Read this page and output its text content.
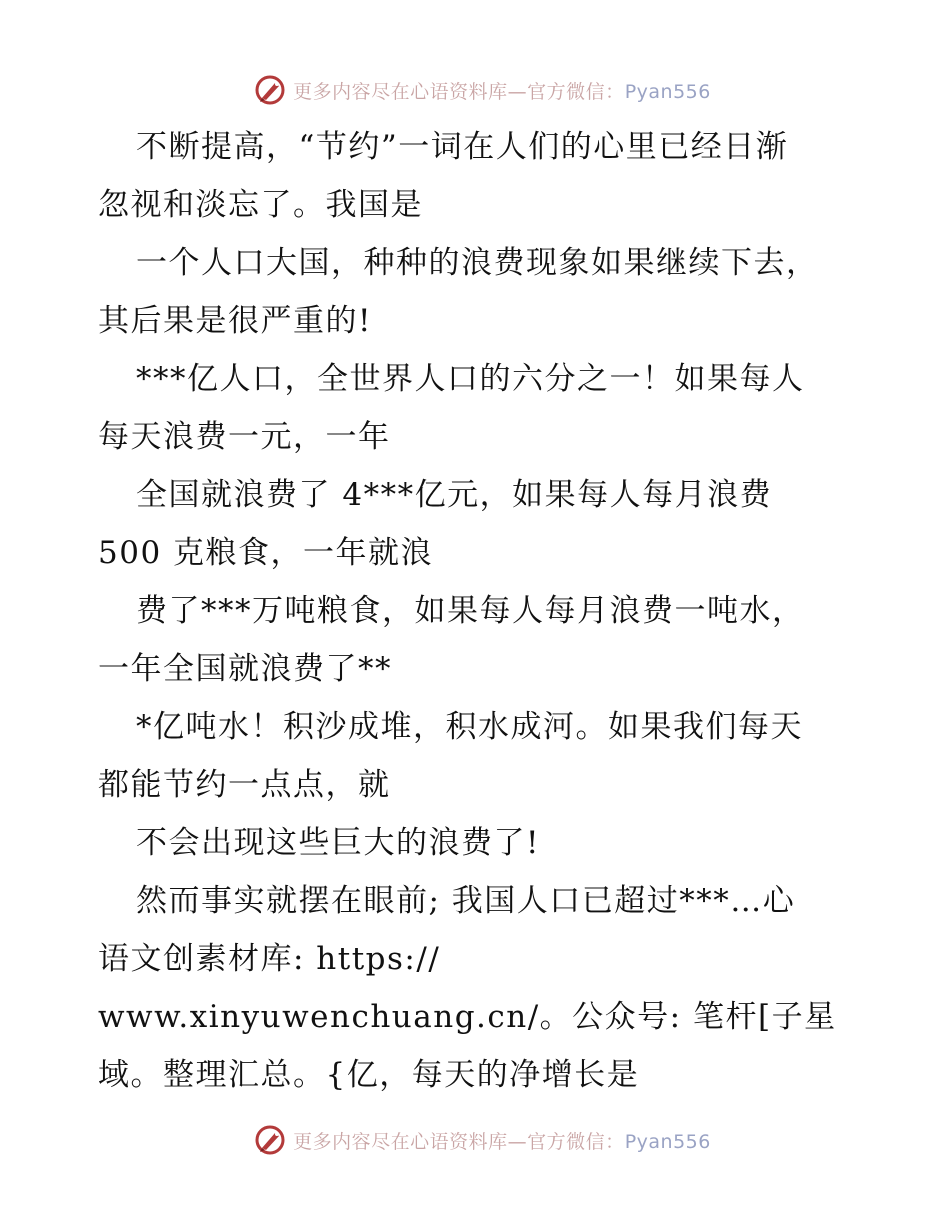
更多内容尽在心语资料库—官方微信：Pyan556
不断提高，“节约”一词在人们的心里已经日渐
忽视和淡忘了。我国是
一个人口大国，种种的浪费现象如果继续下去，
其后果是很严重的!
***亿人口，全世界人口的六分之一！如果每人
每天浪费一元，一年
全国就浪费了 4***亿元，如果每人每月浪费
500 克粮食，一年就浪
费了***万吨粮食，如果每人每月浪费一吨水，
一年全国就浪费了**
*亿吨水！积沙成堆，积水成河。如果我们每天
都能节约一点点，就
不会出现这些巨大的浪费了!
然而事实就摆在眼前; 我国人口已超过***…心
语文创素材库: https://
www.xinyuwenchuang.cn/。公众号: 笔杆[子星
域。整理汇总。{亿，每天的净增长是
更多内容尽在心语资料库—官方微信：Pyan556
